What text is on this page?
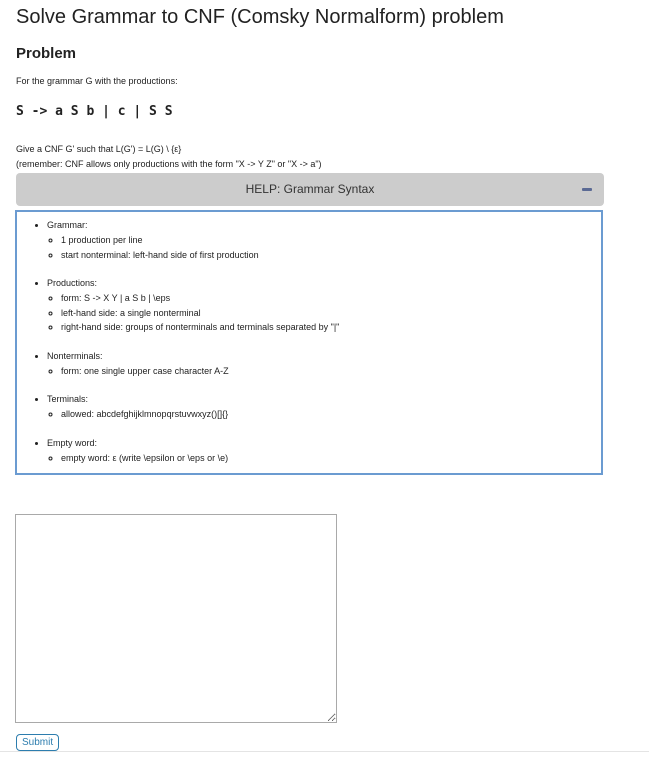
Solve Grammar to CNF (Comsky Normalform) problem
Problem
For the grammar G with the productions:
S -> a S b | c | S S
Give a CNF G' such that L(G') = L(G) \ {ε}
(remember: CNF allows only productions with the form "X -> Y Z" or "X -> a")
HELP: Grammar Syntax
• Grammar:
◦ 1 production per line
◦ start nonterminal: left-hand side of first production
• Productions:
◦ form: S -> X Y | a S b | \eps
◦ left-hand side: a single nonterminal
◦ right-hand side: groups of nonterminals and terminals separated by "|"
• Nonterminals:
◦ form: one single upper case character A-Z
• Terminals:
◦ allowed: abcdefghijklmnopqrstuvwxyz()[]{}
• Empty word:
◦ empty word: ε (write \epsilon or \eps or \e)
Submit
